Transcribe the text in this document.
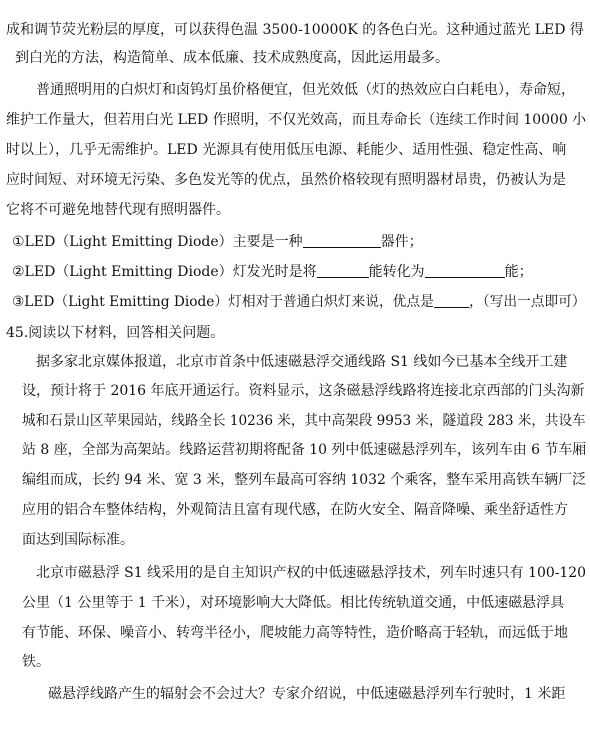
成和调节荧光粉层的厚度，可以获得色温 3500-10000K 的各色白光。这种通过蓝光 LED 得
到白光的方法，构造简单、成本低廉、技术成熟度高，因此运用最多。
普通照明用的白炽灯和卤钨灯虽价格便宜，但光效低（灯的热效应白白耗电），寿命短，
维护工作量大，但若用白光 LED 作照明，不仅光效高，而且寿命长（连续工作时间 10000 小
时以上），几乎无需维护。LED 光源具有使用低压电源、耗能少、适用性强、稳定性高、响
应时间短、对环境无污染、多色发光等的优点，虽然价格较现有照明器材昂贵，仍被认为是
它将不可避免地替代现有照明器件。
①LED（Light Emitting Diode）主要是一种	器件；
②LED（Light Emitting Diode）灯发光时是将	能转化为	能；
③LED（Light Emitting Diode）灯相对于普通白炽灯来说，优点是	，（写出一点即可）
45.阅读以下材料，回答相关问题。
据多家北京媒体报道，北京市首条中低速磁悬浮交通线路 S1 线如今已基本全线开工建
设，预计将于 2016 年底开通运行。资料显示，这条磁悬浮线路将连接北京西部的门头沟新
城和石景山区苹果园站，线路全长 10236 米，其中高架段 9953 米，隧道段 283 米，共设车
站 8 座，全部为高架站。线路运营初期将配备 10 列中低速磁悬浮列车，该列车由 6 节车厢
编组而成，长约 94 米、宽 3 米，整列车最高可容纳 1032 个乘客，整车采用高铁车辆厂泛
应用的铝合车整体结构，外观简洁且富有现代感，在防火安全、隔音降噪、乘坐舒适性方
面达到国际标准。
北京市磁悬浮 S1 线采用的是自主知识产权的中低速磁悬浮技术，列车时速只有 100-120
公里（1 公里等于 1 千米），对环境影响大大降低。相比传统轨道交通，中低速磁悬浮具
有节能、环保、噪音小、转弯半径小，爬坡能力高等特性，造价略高于轻轨，而远低于地
铁。
磁悬浮线路产生的辐射会不会过大？专家介绍说，中低速磁悬浮列车行驶时，1 米距
